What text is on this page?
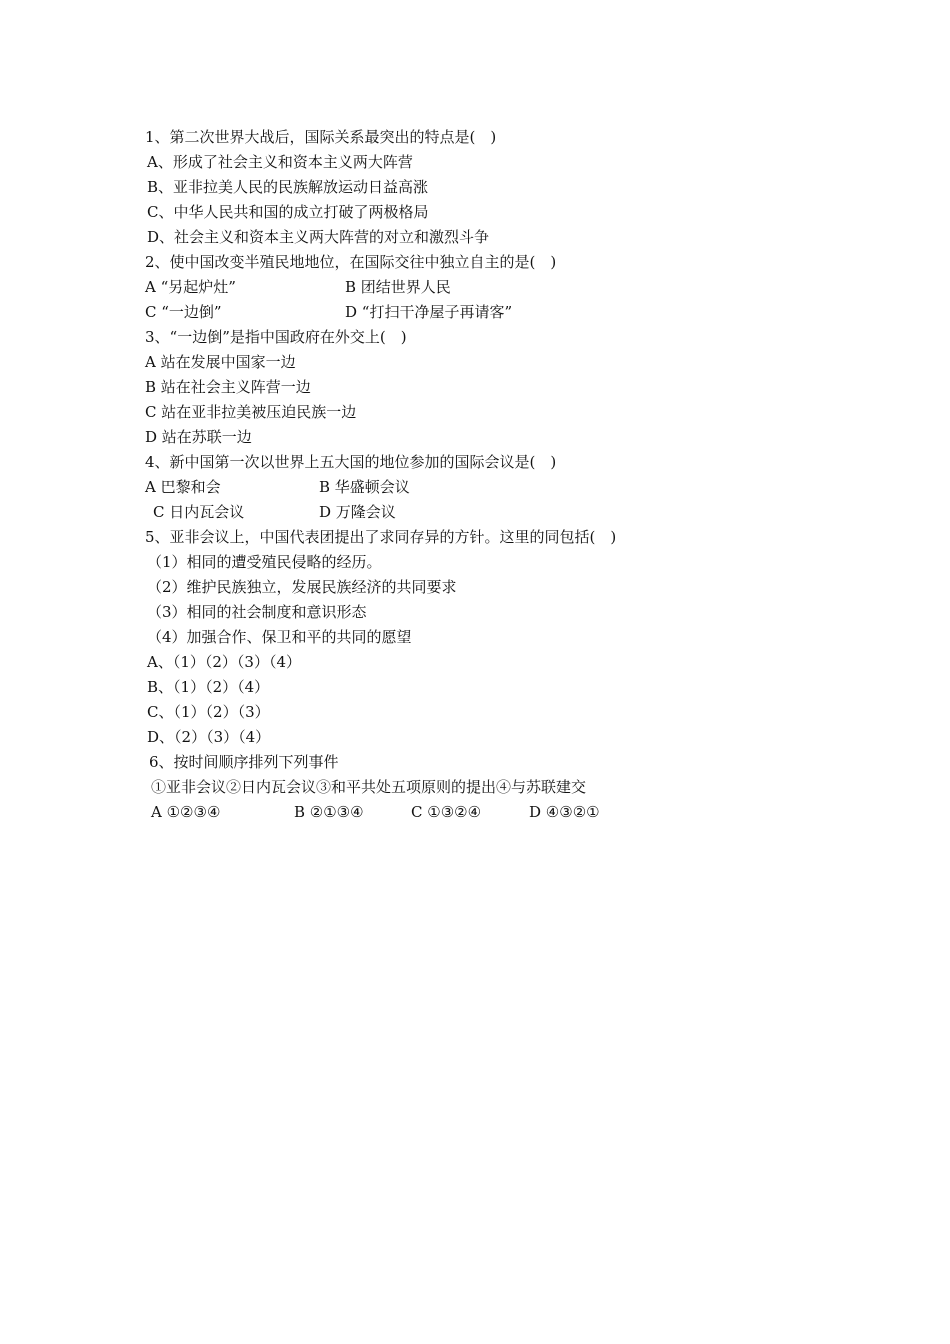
1、第二次世界大战后，国际关系最突出的特点是(　)
A、形成了社会主义和资本主义两大阵营
B、亚非拉美人民的民族解放运动日益高涨
C、中华人民共和国的成立打破了两极格局
D、社会主义和资本主义两大阵营的对立和激烈斗争
2、使中国改变半殖民地地位，在国际交往中独立自主的是(　)
A “另起炉灶”	B 团结世界人民
C “一边倒”	D “打扫干净屋子再请客”
3、“一边倒”是指中国政府在外交上(　)
A 站在发展中国家一边
B 站在社会主义阵营一边
C 站在亚非拉美被压迫民族一边
D 站在苏联一边
4、新中国第一次以世界上五大国的地位参加的国际会议是(　)
A 巴黎和会	B 华盛顿会议
C 日内瓦会议	D 万隆会议
5、亚非会议上，中国代表团提出了求同存异的方针。这里的同包括(　)
（1）相同的遭受殖民侵略的经历。
（2）维护民族独立，发展民族经济的共同要求
（3）相同的社会制度和意识形态
（4）加强合作、保卫和平的共同的愿望
A、（1）（2）（3）（4）
B、（1）（2）（4）
C、（1）（2）（3）
D、（2）（3）（4）
6、按时间顺序排列下列事件
①亚非会议②日内瓦会议③和平共处五项原则的提出④与苏联建交
A ①②③④	B ②①③④	C ①③②④	D ④③②①
